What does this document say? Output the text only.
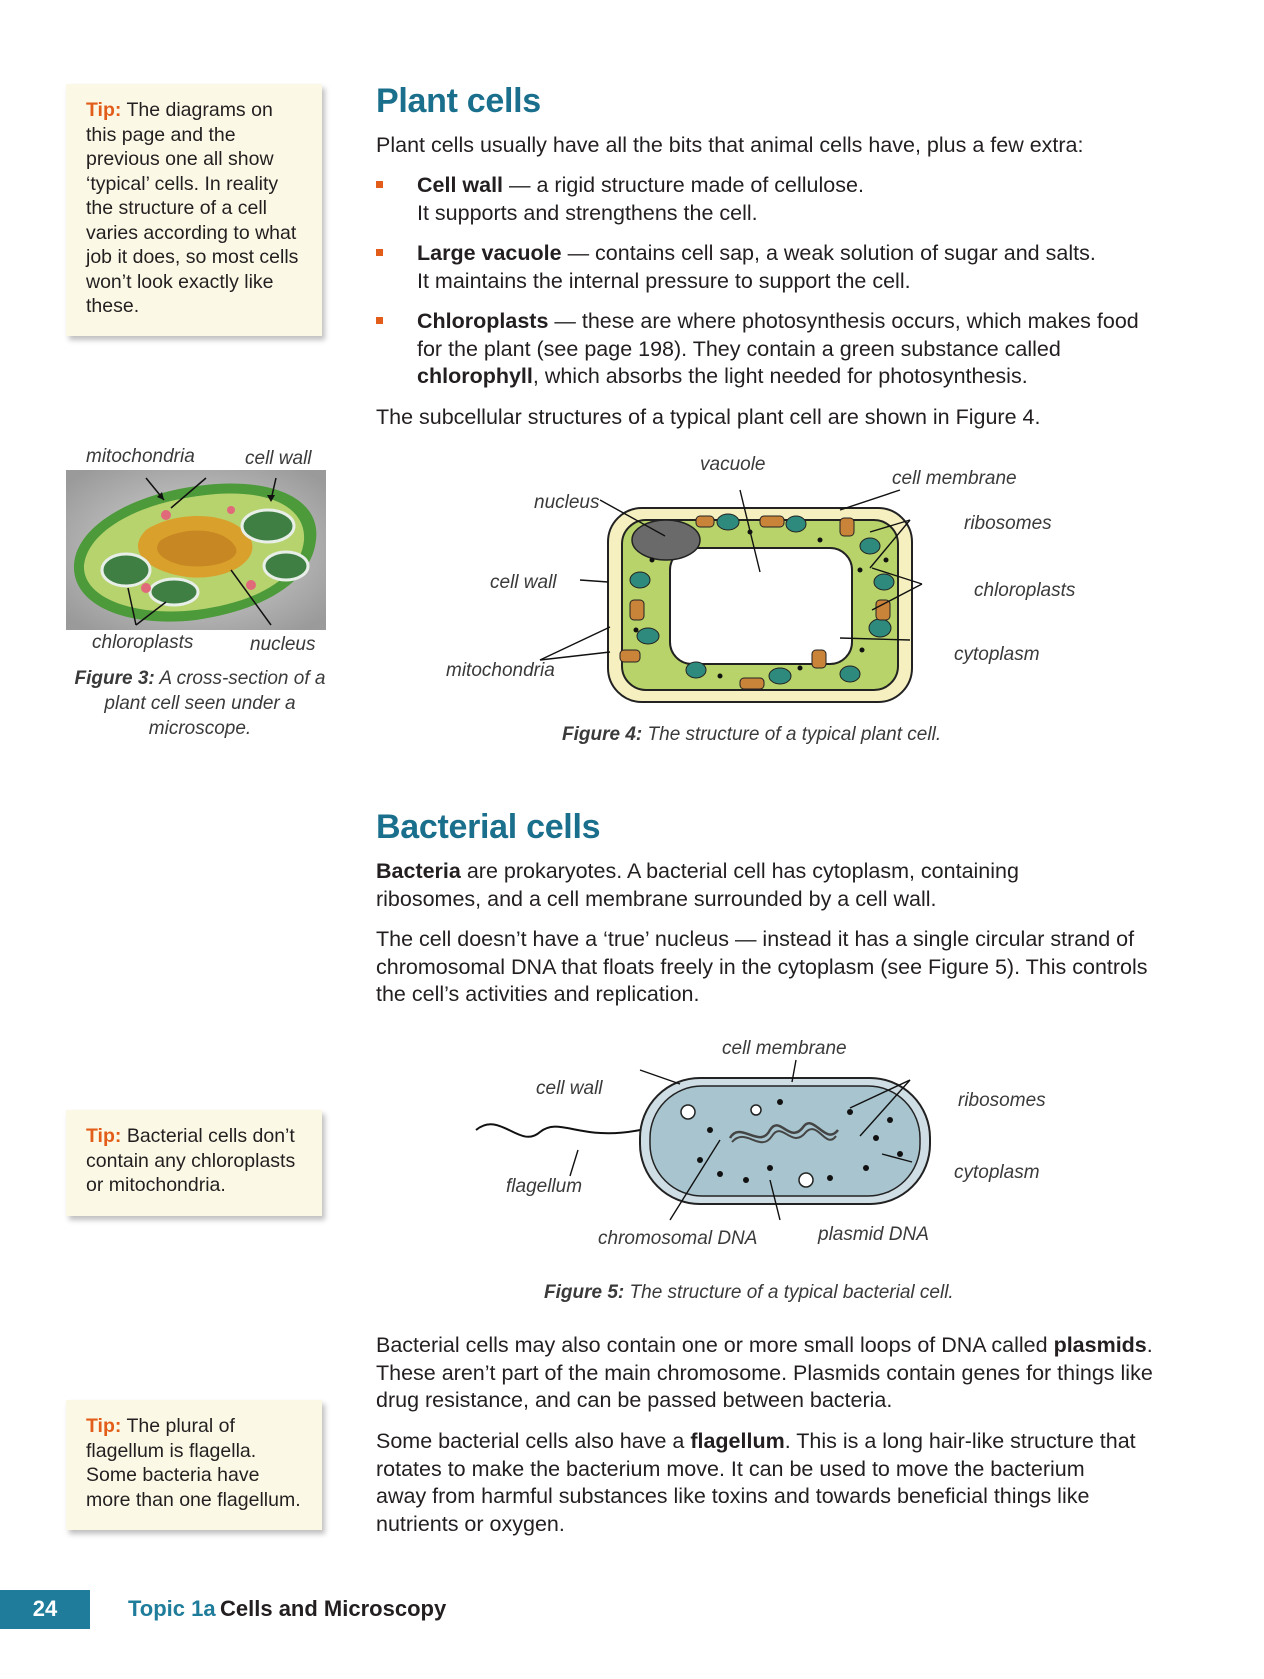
Tip: The diagrams on this page and the previous one all show ‘typical’ cells. In reality the structure of a cell varies according to what job it does, so most cells won’t look exactly like these.
Tip: Bacterial cells don’t contain any chloroplasts or mitochondria.
Tip: The plural of flagellum is flagella. Some bacteria have more than one flagellum.
Plant cells
Plant cells usually have all the bits that animal cells have, plus a few extra:
Cell wall — a rigid structure made of cellulose.
It supports and strengthens the cell.
Large vacuole — contains cell sap, a weak solution of sugar and salts.
It maintains the internal pressure to support the cell.
Chloroplasts — these are where photosynthesis occurs, which makes food for the plant (see page 198). They contain a green substance called chlorophyll, which absorbs the light needed for photosynthesis.
The subcellular structures of a typical plant cell are shown in Figure 4.
mitochondria	cell wall
chloroplasts	nucleus
Figure 3: A cross-section of a plant cell seen under a microscope.
vacuole
cell membrane
nucleus
ribosomes
cell wall	chloroplasts
cytoplasm
mitochondria
Figure 4: The structure of a typical plant cell.
Bacterial cells
Bacteria are prokaryotes. A bacterial cell has cytoplasm, containing ribosomes, and a cell membrane surrounded by a cell wall.
The cell doesn’t have a ‘true’ nucleus — instead it has a single circular strand of chromosomal DNA that floats freely in the cytoplasm (see Figure 5). This controls the cell’s activities and replication.
cell membrane
cell wall
ribosomes
cytoplasm
flagellum
chromosomal DNA	plasmid DNA
Figure 5: The structure of a typical bacterial cell.
Bacterial cells may also contain one or more small loops of DNA called plasmids. These aren’t part of the main chromosome. Plasmids contain genes for things like drug resistance, and can be passed between bacteria.
Some bacterial cells also have a flagellum. This is a long hair-like structure that rotates to make the bacterium move. It can be used to move the bacterium away from harmful substances like toxins and towards beneficial things like nutrients or oxygen.
24	Topic 1a Cells and Microscopy
